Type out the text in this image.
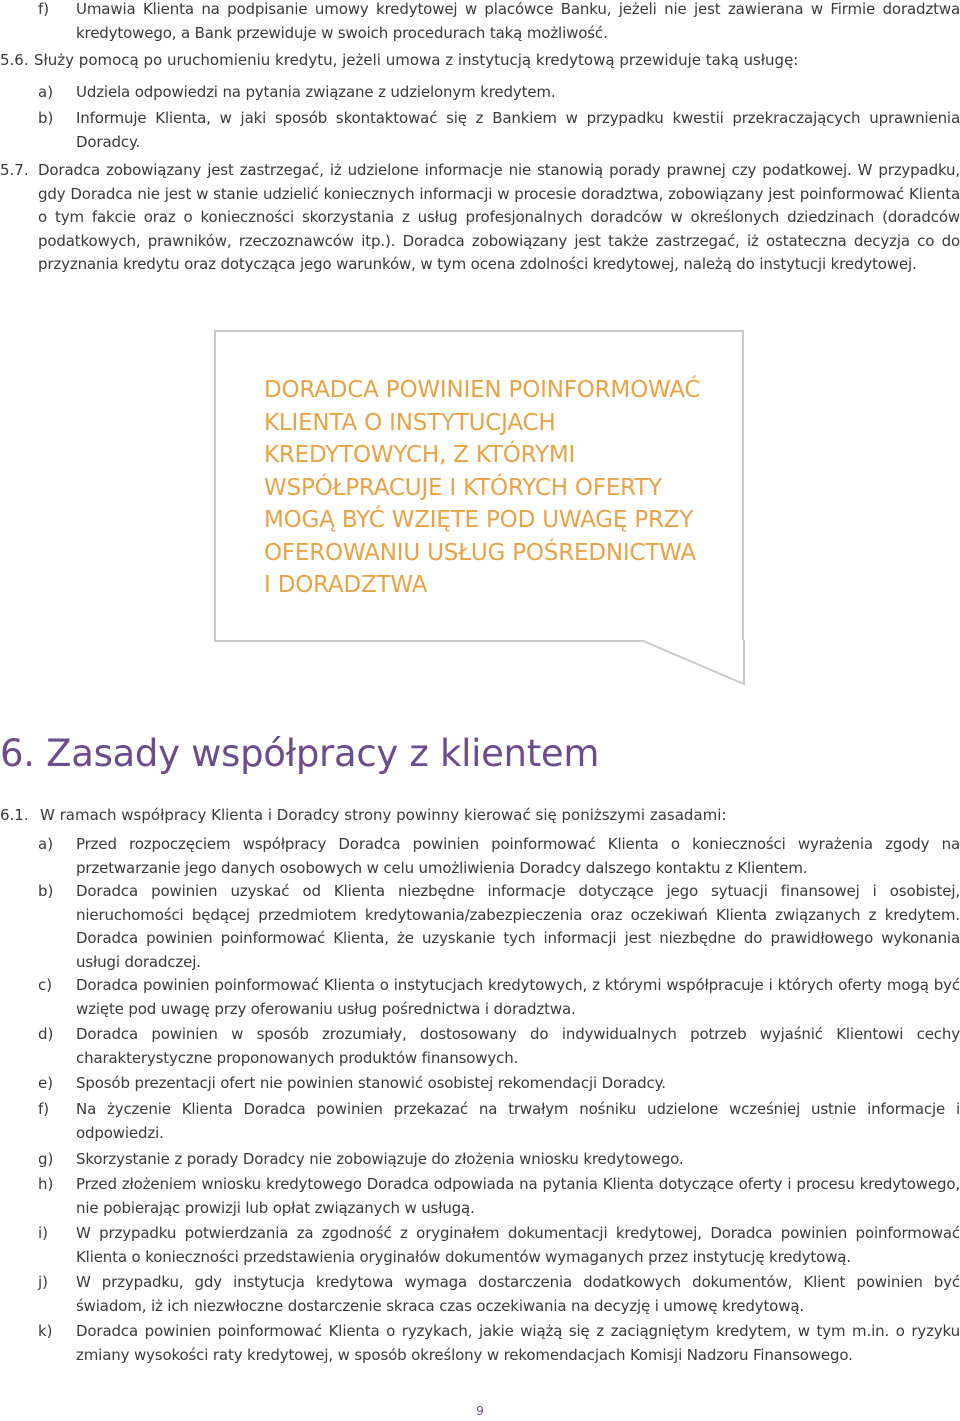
f) Umawia Klienta na podpisanie umowy kredytowej w placówce Banku, jeżeli nie jest zawierana w Firmie doradztwa kredytowego, a Bank przewiduje w swoich procedurach taką możliwość.
5.6. Służy pomocą po uruchomieniu kredytu, jeżeli umowa z instytucją kredytową przewiduje taką usługę:
a) Udziela odpowiedzi na pytania związane z udzielonym kredytem.
b) Informuje Klienta, w jaki sposób skontaktować się z Bankiem w przypadku kwestii przekraczających uprawnienia Doradcy.
5.7. Doradca zobowiązany jest zastrzegać, iż udzielone informacje nie stanowią porady prawnej czy podatkowej. W przypadku, gdy Doradca nie jest w stanie udzielić koniecznych informacji w procesie doradztwa, zobowiązany jest poinformować Klienta o tym fakcie oraz o konieczności skorzystania z usług profesjonalnych doradców w określonych dziedzinach (doradców podatkowych, prawników, rzeczoznawców itp.). Doradca zobowiązany jest także zastrzegać, iż ostateczna decyzja co do przyznania kredytu oraz dotycząca jego warunków, w tym ocena zdolności kredytowej, należą do instytucji kredytowej.
DORADCA POWINIEN POINFORMOWAĆ
KLIENTA O INSTYTUCJACH
KREDYTOWYCH, Z KTÓRYMI
WSPÓŁPRACUJE I KTÓRYCH OFERTY
MOGĄ BYĆ WZIĘTE POD UWAGĘ PRZY
OFEROWANIU USŁUG POŚREDNICTWA
I DORADZTWA
6. Zasady współpracy z klientem
6.1. W ramach współpracy Klienta i Doradcy strony powinny kierować się poniższymi zasadami:
a) Przed rozpoczęciem współpracy Doradca powinien poinformować Klienta o konieczności wyrażenia zgody na przetwarzanie jego danych osobowych w celu umożliwienia Doradcy dalszego kontaktu z Klientem.
b) Doradca powinien uzyskać od Klienta niezbędne informacje dotyczące jego sytuacji finansowej i osobistej, nieruchomości będącej przedmiotem kredytowania/zabezpieczenia oraz oczekiwań Klienta związanych z kredytem. Doradca powinien poinformować Klienta, że uzyskanie tych informacji jest niezbędne do prawidłowego wykonania usługi doradczej.
c) Doradca powinien poinformować Klienta o instytucjach kredytowych, z którymi współpracuje i których oferty mogą być wzięte pod uwagę przy oferowaniu usług pośrednictwa i doradztwa.
d) Doradca powinien w sposób zrozumiały, dostosowany do indywidualnych potrzeb wyjaśnić Klientowi cechy charakterystyczne proponowanych produktów finansowych.
e) Sposób prezentacji ofert nie powinien stanowić osobistej rekomendacji Doradcy.
f) Na życzenie Klienta Doradca powinien przekazać na trwałym nośniku udzielone wcześniej ustnie informacje i odpowiedzi.
g) Skorzystanie z porady Doradcy nie zobowiązuje do złożenia wniosku kredytowego.
h) Przed złożeniem wniosku kredytowego Doradca odpowiada na pytania Klienta dotyczące oferty i procesu kredytowego, nie pobierając prowizji lub opłat związanych w usługą.
i) W przypadku potwierdzania za zgodność z oryginałem dokumentacji kredytowej, Doradca powinien poinformować Klienta o konieczności przedstawienia oryginałów dokumentów wymaganych przez instytucję kredytową.
j) W przypadku, gdy instytucja kredytowa wymaga dostarczenia dodatkowych dokumentów, Klient powinien być świadom, iż ich niezwłoczne dostarczenie skraca czas oczekiwania na decyzję i umowę kredytową.
k) Doradca powinien poinformować Klienta o ryzykach, jakie wiążą się z zaciągniętym kredytem, w tym m.in. o ryzyku zmiany wysokości raty kredytowej, w sposób określony w rekomendacjach Komisji Nadzoru Finansowego.
9
